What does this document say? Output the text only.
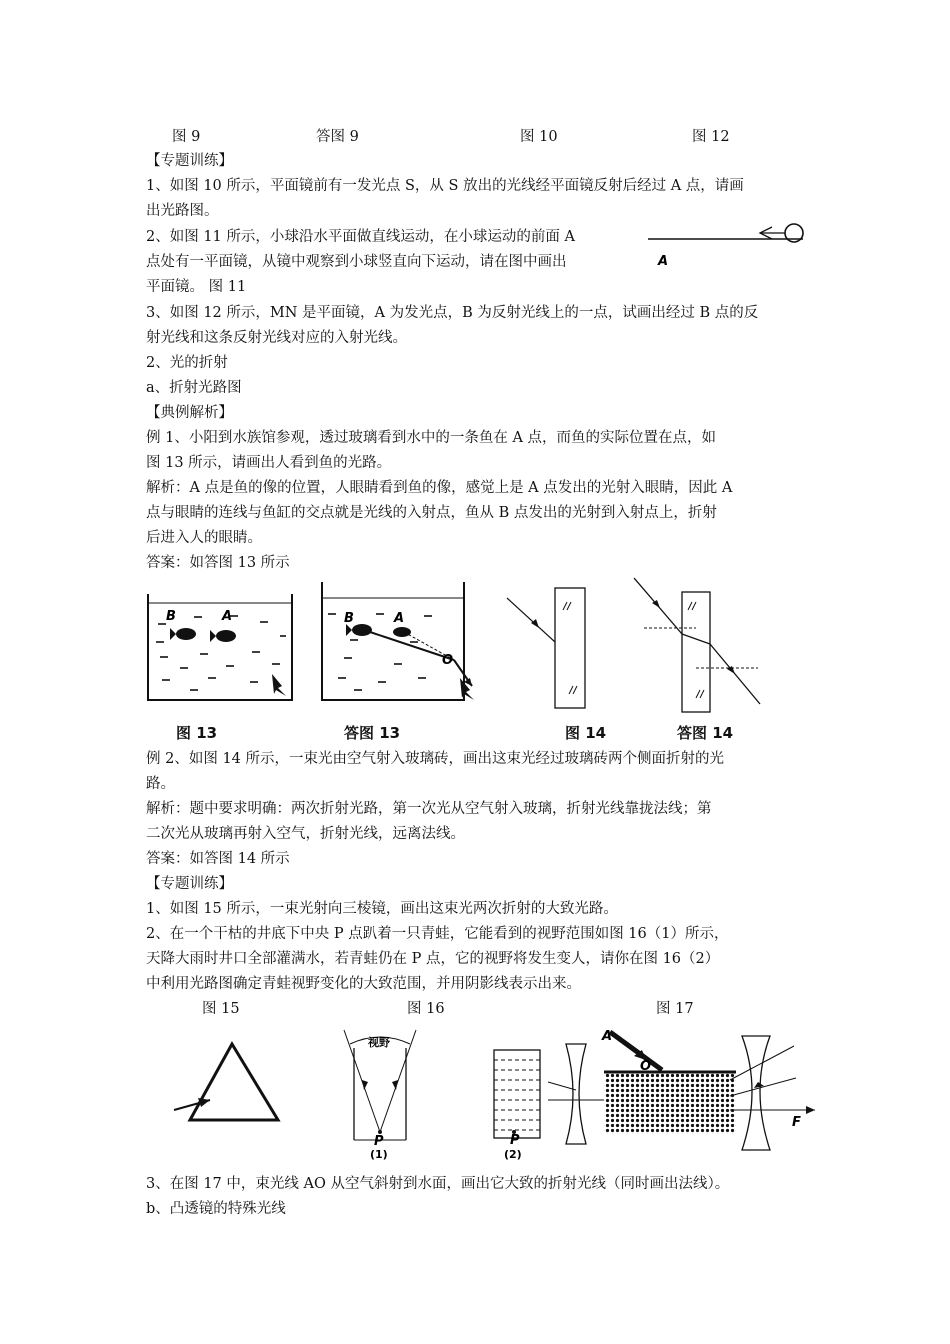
图 9	答图 9	图 10	图 12
【专题训练】
1、如图 10 所示，平面镜前有一发光点 S，从 S 放出的光线经平面镜反射后经过 A 点，请画
出光路图。
2、如图 11 所示，小球沿水平面做直线运动，在小球运动的前面 A
点处有一平面镜，从镜中观察到小球竖直向下运动，请在图中画出
平面镜。 图 11
A
3、如图 12 所示，MN 是平面镜，A 为发光点，B 为反射光线上的一点，试画出经过 B 点的反
射光线和这条反射光线对应的入射光线。
2、光的折射
a、折射光路图
【典例解析】
例 1、小阳到水族馆参观，透过玻璃看到水中的一条鱼在 A 点，而鱼的实际位置在点，如
图 13 所示，请画出人看到鱼的光路。
解析：A 点是鱼的像的位置，人眼睛看到鱼的像，感觉上是 A 点发出的光射入眼睛，因此 A
点与眼睛的连线与鱼缸的交点就是光线的入射点，鱼从 B 点发出的光射到入射点上，折射
后进入人的眼睛。
答案：如答图 13 所示
B	A	B	A
O
图 13	答图 13	图 14	答图 14
例 2、如图 14 所示，一束光由空气射入玻璃砖，画出这束光经过玻璃砖两个侧面折射的光
路。
解析：题中要求明确：两次折射光路，第一次光从空气射入玻璃，折射光线靠拢法线；第
二次光从玻璃再射入空气，折射光线，远离法线。
答案：如答图 14 所示
【专题训练】
1、如图 15 所示，一束光射向三棱镜，画出这束光两次折射的大致光路。
2、在一个干枯的井底下中央 P 点趴着一只青蛙，它能看到的视野范围如图 16（1）所示，
天降大雨时井口全部灌满水，若青蛙仍在 P 点，它的视野将发生变人，请你在图 16（2）
中利用光路图确定青蛙视野变化的大致范围，并用阴影线表示出来。
图 15	图 16	图 17
视野
P
(1)
P
(2)
A
O
F
3、在图 17 中，束光线 AO 从空气斜射到水面，画出它大致的折射光线（同时画出法线）。
b、凸透镜的特殊光线
